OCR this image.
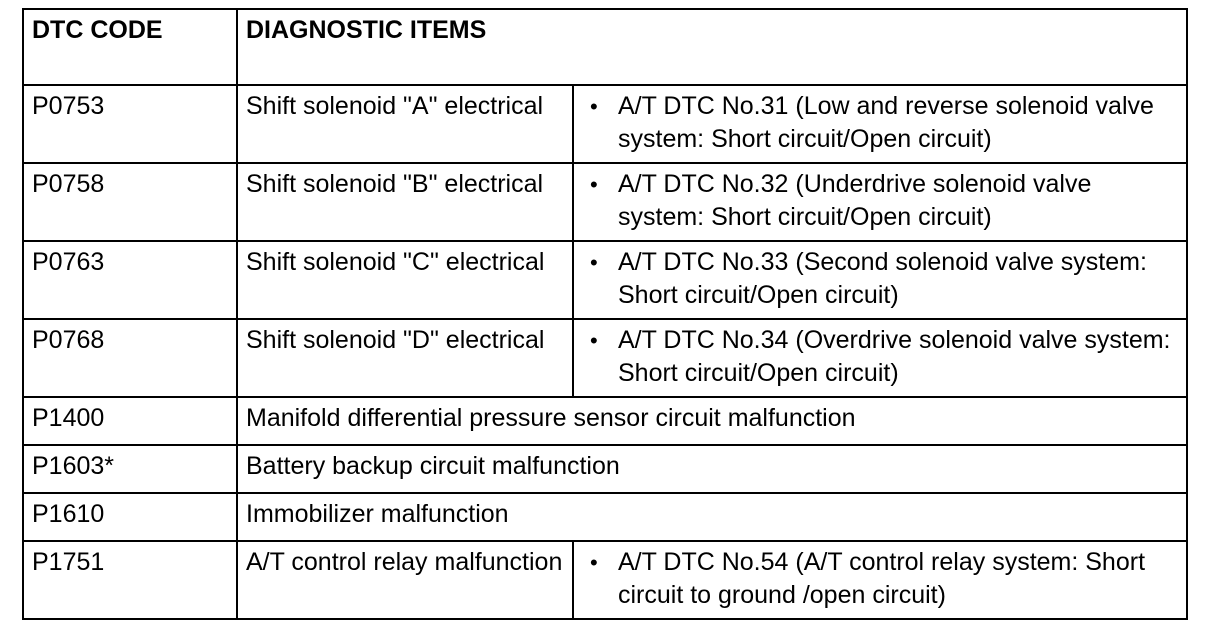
DTC CODE	DIAGNOSTIC ITEMS	
P0753	Shift solenoid "A" electrical	• A/T DTC No.31 (Low and reverse solenoid valve system: Short circuit/Open circuit)
P0758	Shift solenoid "B" electrical	• A/T DTC No.32 (Underdrive solenoid valve system: Short circuit/Open circuit)
P0763	Shift solenoid "C" electrical	• A/T DTC No.33 (Second solenoid valve system: Short circuit/Open circuit)
P0768	Shift solenoid "D" electrical	• A/T DTC No.34 (Overdrive solenoid valve system: Short circuit/Open circuit)
P1400	Manifold differential pressure sensor circuit malfunction	
P1603*	Battery backup circuit malfunction	
P1610	Immobilizer malfunction	
P1751	A/T control relay malfunction	• A/T DTC No.54 (A/T control relay system: Short circuit to ground /open circuit)
